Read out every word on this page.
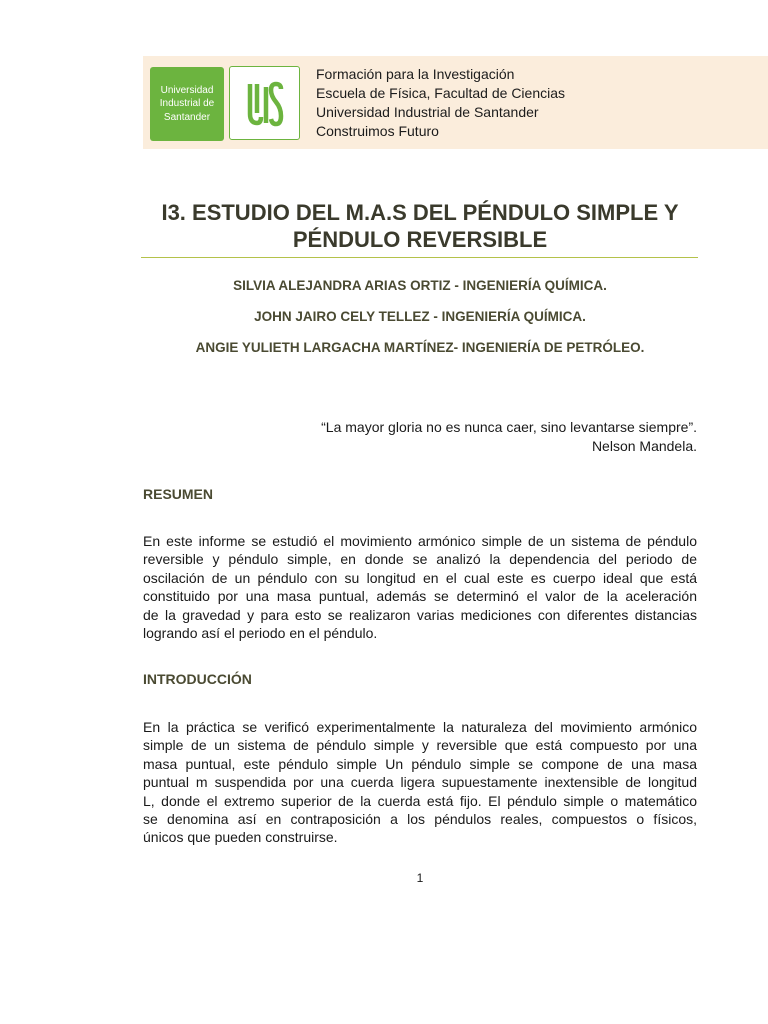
Universidad
Industrial de
Santander
Formación para la Investigación
Escuela de Física, Facultad de Ciencias
Universidad Industrial de Santander
Construimos Futuro
I3. ESTUDIO DEL M.A.S DEL PÉNDULO SIMPLE Y
PÉNDULO REVERSIBLE
SILVIA ALEJANDRA ARIAS ORTIZ - INGENIERÍA QUÍMICA.
JOHN JAIRO CELY TELLEZ - INGENIERÍA QUÍMICA.
ANGIE YULIETH LARGACHA MARTÍNEZ- INGENIERÍA DE PETRÓLEO.
“La mayor gloria no es nunca caer, sino levantarse siempre”.
Nelson Mandela.
RESUMEN
En este informe se estudió el movimiento armónico simple de un sistema de péndulo
reversible y péndulo simple, en donde se analizó la dependencia del periodo de
oscilación de un péndulo con su longitud en el cual este es cuerpo ideal que está
constituido por una masa puntual, además se determinó el valor de la aceleración
de la gravedad y para esto se realizaron varias mediciones con diferentes distancias
logrando así el periodo en el péndulo.
INTRODUCCIÓN
En la práctica se verificó experimentalmente la naturaleza del movimiento armónico
simple de un sistema de péndulo simple y reversible que está compuesto por una
masa puntual, este péndulo simple Un péndulo simple se compone de una masa
puntual m suspendida por una cuerda ligera supuestamente inextensible de longitud
L, donde el extremo superior de la cuerda está fijo. El péndulo simple o matemático
se denomina así en contraposición a los péndulos reales, compuestos o físicos,
únicos que pueden construirse.
1
